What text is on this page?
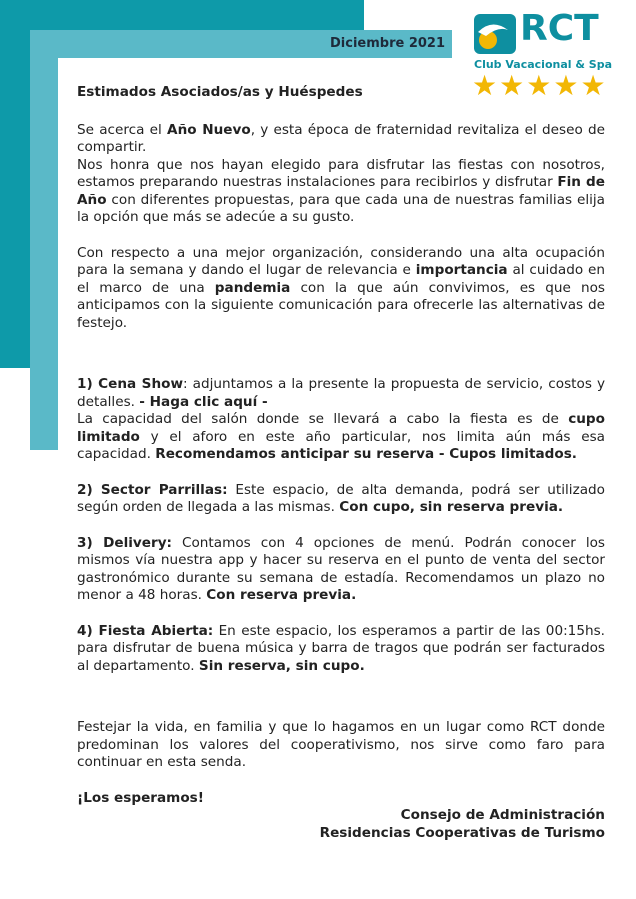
Diciembre 2021 RCT
Club Vacacional & Spa
★ ★ ★ ★ ★

Estimados Asociados/as y Huéspedes

Se acerca el Año Nuevo, y esta época de fraternidad revitaliza el deseo de compartir.

Nos honra que nos hayan elegido para disfrutar las fiestas con nosotros, estamos preparando nuestras instalaciones para recibirlos y disfrutar Fin de Año con diferentes propuestas, para que cada una de nuestras familias elija la opción que más se adecúe a su gusto.

Con respecto a una mejor organización, considerando una alta ocupación para la semana y dando el lugar de relevancia e importancia al cuidado en el marco de una pandemia con la que aún convivimos, es que nos anticipamos con la siguiente comunicación para ofrecerle las alternativas de festejo.

1) Cena Show: adjuntamos a la presente la propuesta de servicio, costos y detalles. - Haga clic aquí -
La capacidad del salón donde se llevará a cabo la fiesta es de cupo limitado y el aforo en este año particular, nos limita aún más esa capacidad. Recomendamos anticipar su reserva - Cupos limitados.

2) Sector Parrillas: Este espacio, de alta demanda, podrá ser utilizado según orden de llegada a las mismas. Con cupo, sin reserva previa.

3) Delivery: Contamos con 4 opciones de menú. Podrán conocer los mismos vía nuestra app y hacer su reserva en el punto de venta del sector gastronómico durante su semana de estadía. Recomendamos un plazo no menor a 48 horas. Con reserva previa.

4) Fiesta Abierta: En este espacio, los esperamos a partir de las 00:15hs. para disfrutar de buena música y barra de tragos que podrán ser facturados al departamento. Sin reserva, sin cupo.

Festejar la vida, en familia y que lo hagamos en un lugar como RCT donde predominan los valores del cooperativismo, nos sirve como faro para continuar en esta senda.

¡Los esperamos!

Consejo de Administración

Residencias Cooperativas de Turismo
